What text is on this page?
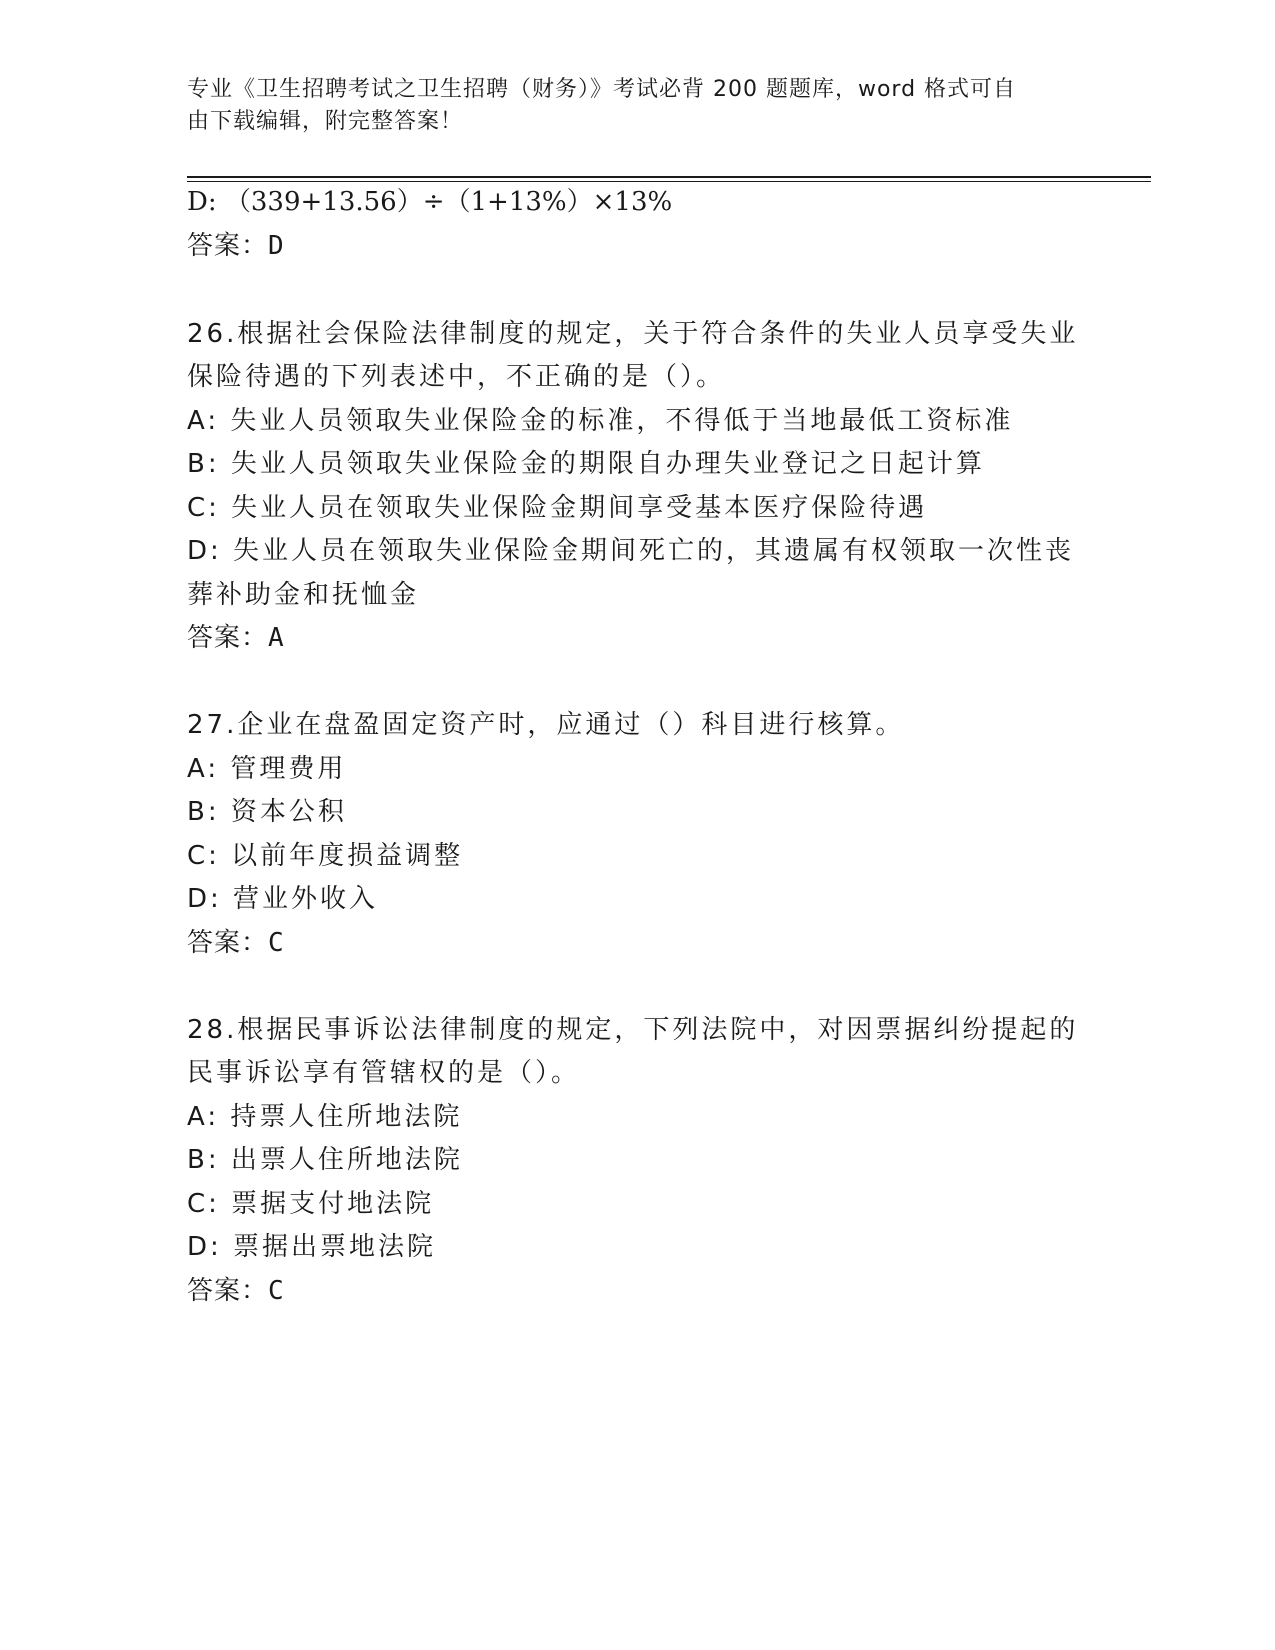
专业《卫生招聘考试之卫生招聘（财务）》考试必背 200 题题库，word 格式可自
由下载编辑，附完整答案！
D: （339+13.56）÷（1+13%）×13%
答案：D
26.根据社会保险法律制度的规定，关于符合条件的失业人员享受失业
保险待遇的下列表述中，不正确的是（）。
A: 失业人员领取失业保险金的标准，不得低于当地最低工资标准
B: 失业人员领取失业保险金的期限自办理失业登记之日起计算
C: 失业人员在领取失业保险金期间享受基本医疗保险待遇
D: 失业人员在领取失业保险金期间死亡的，其遗属有权领取一次性丧
葬补助金和抚恤金
答案：A
27.企业在盘盈固定资产时，应通过（）科目进行核算。
A: 管理费用
B: 资本公积
C: 以前年度损益调整
D: 营业外收入
答案：C
28.根据民事诉讼法律制度的规定，下列法院中，对因票据纠纷提起的
民事诉讼享有管辖权的是（）。
A: 持票人住所地法院
B: 出票人住所地法院
C: 票据支付地法院
D: 票据出票地法院
答案：C
